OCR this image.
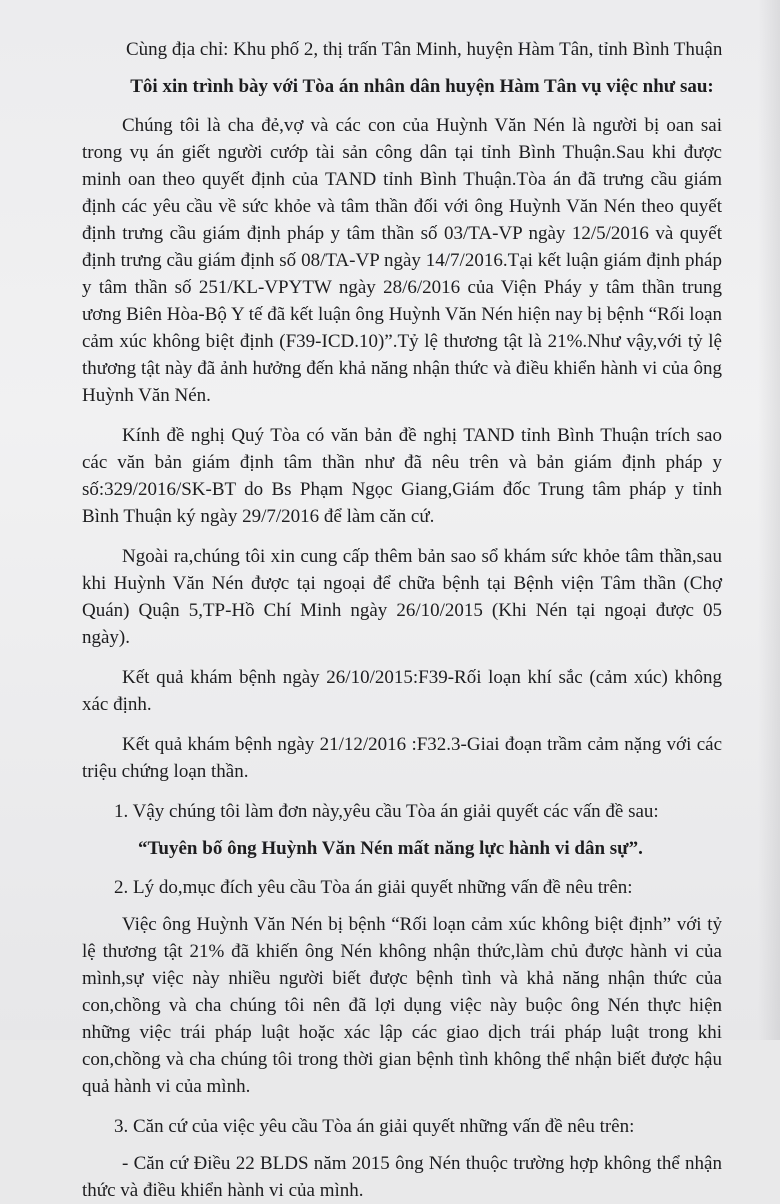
Cùng địa chỉ: Khu phố 2, thị trấn Tân Minh, huyện Hàm Tân, tỉnh Bình Thuận
Tôi xin trình bày với Tòa án nhân dân huyện Hàm Tân vụ việc như sau:

Chúng tôi là cha đẻ,vợ và các con của Huỳnh Văn Nén là người bị oan sai trong vụ án giết người cướp tài sản công dân tại tỉnh Bình Thuận.Sau khi được minh oan theo quyết định của TAND tỉnh Bình Thuận.Tòa án đã trưng cầu giám định các yêu cầu về sức khỏe và tâm thần đối với ông Huỳnh Văn Nén theo quyết định trưng cầu giám định pháp y tâm thần số 03/TA-VP ngày 12/5/2016 và quyết định trưng cầu giám định số 08/TA-VP ngày 14/7/2016.Tại kết luận giám định pháp y tâm thần số 251/KL-VPYTW ngày 28/6/2016 của Viện Pháy y tâm thần trung ương Biên Hòa-Bộ Y tế đã kết luận ông Huỳnh Văn Nén hiện nay bị bệnh “Rối loạn cảm xúc không biệt định (F39-ICD.10)”.Tỷ lệ thương tật là 21%.Như vậy,với tỷ lệ thương tật này đã ảnh hưởng đến khả năng nhận thức và điều khiển hành vi của ông Huỳnh Văn Nén.

Kính đề nghị Quý Tòa có văn bản đề nghị TAND tỉnh Bình Thuận trích sao các văn bản giám định tâm thần như đã nêu trên và bản giám định pháp y số:329/2016/SK-BT do Bs Phạm Ngọc Giang,Giám đốc Trung tâm pháp y tỉnh Bình Thuận ký ngày 29/7/2016 để làm căn cứ.

Ngoài ra,chúng tôi xin cung cấp thêm bản sao sổ khám sức khỏe tâm thần,sau khi Huỳnh Văn Nén được tại ngoại để chữa bệnh tại Bệnh viện Tâm thần (Chợ Quán) Quận 5,TP-Hồ Chí Minh ngày 26/10/2015 (Khi Nén tại ngoại được 05 ngày).

Kết quả khám bệnh ngày 26/10/2015:F39-Rối loạn khí sắc (cảm xúc) không xác định.

Kết quả khám bệnh ngày 21/12/2016 :F32.3-Giai đoạn trầm cảm nặng với các triệu chứng loạn thần.

1. Vậy chúng tôi làm đơn này,yêu cầu Tòa án giải quyết các vấn đề sau:
“Tuyên bố ông Huỳnh Văn Nén mất năng lực hành vi dân sự”.
2. Lý do,mục đích yêu cầu Tòa án giải quyết những vấn đề nêu trên:

Việc ông Huỳnh Văn Nén bị bệnh “Rối loạn cảm xúc không biệt định” với tỷ lệ thương tật 21% đã khiến ông Nén không nhận thức,làm chủ được hành vi của mình,sự việc này nhiều người biết được bệnh tình và khả năng nhận thức của con,chồng và cha chúng tôi nên đã lợi dụng việc này buộc ông Nén thực hiện những việc trái pháp luật hoặc xác lập các giao dịch trái pháp luật trong khi con,chồng và cha chúng tôi trong thời gian bệnh tình không thể nhận biết được hậu quả hành vi của mình.

3. Căn cứ của việc yêu cầu Tòa án giải quyết những vấn đề nêu trên:

- Căn cứ Điều 22 BLDS năm 2015 ông Nén thuộc trường hợp không thể nhận thức và điều khiển hành vi của mình.
